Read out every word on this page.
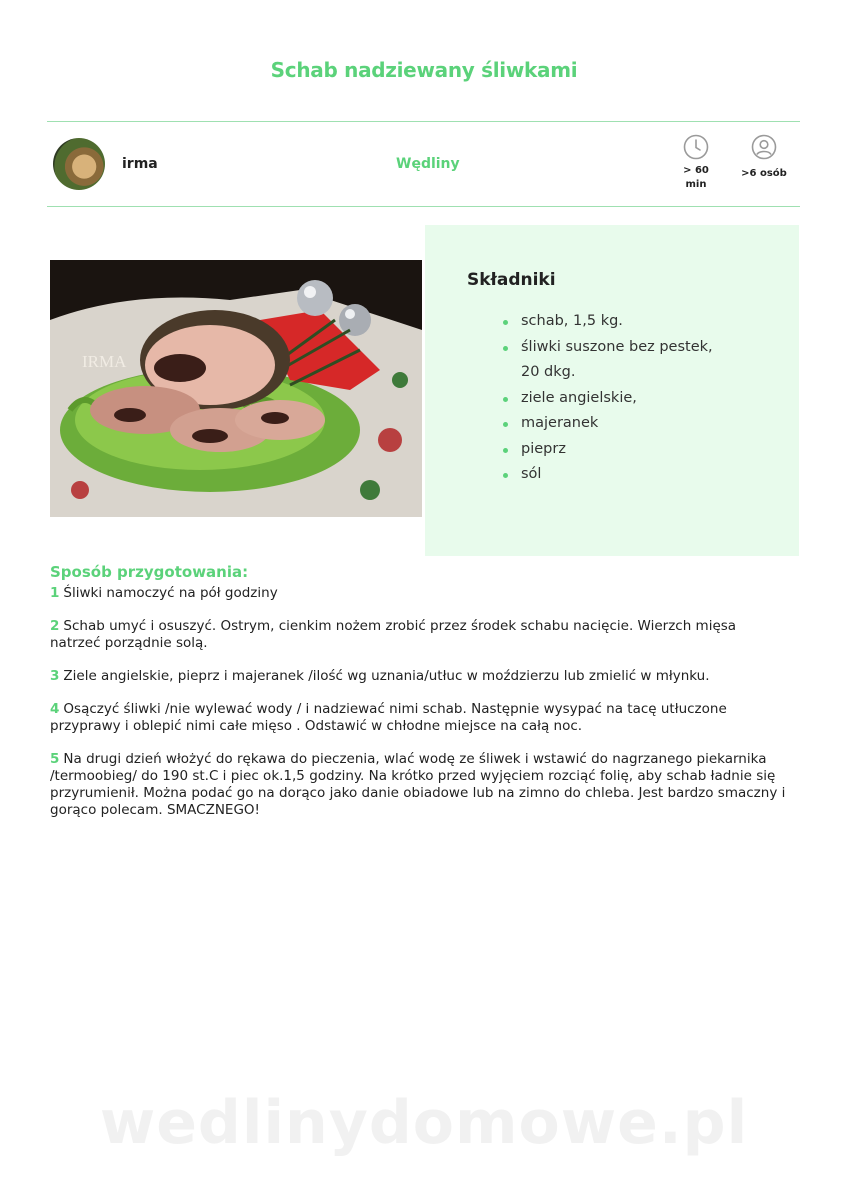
Schab nadziewany śliwkami
irma	Wędliny	> 60
min
>6 osób
IRMA
Składniki
schab, 1,5 kg.
śliwki suszone bez pestek, 20 dkg.
ziele angielskie,
majeranek
pieprz
sól
Sposób przygotowania:
1 Śliwki namoczyć na pół godziny
2 Schab umyć i osuszyć. Ostrym, cienkim nożem zrobić przez środek schabu nacięcie. Wierzch mięsa natrzeć porządnie solą.
3 Ziele angielskie, pieprz i majeranek /ilość wg uznania/utłuc w moździerzu lub zmielić w młynku.
4 Osączyć śliwki /nie wylewać wody / i nadziewać nimi schab. Następnie wysypać na tacę utłuczone przyprawy i oblepić nimi całe mięso . Odstawić w chłodne miejsce na całą noc.
5 Na drugi dzień włożyć do rękawa do pieczenia, wlać wodę ze śliwek i wstawić do nagrzanego piekarnika /termoobieg/ do 190 st.C i piec ok.1,5 godziny. Na krótko przed wyjęciem rozciąć folię, aby schab ładnie się przyrumienił. Można podać go na dorąco jako danie obiadowe lub na zimno do chleba. Jest bardzo smaczny i gorąco polecam. SMACZNEGO!
wedlinydomowe.pl
